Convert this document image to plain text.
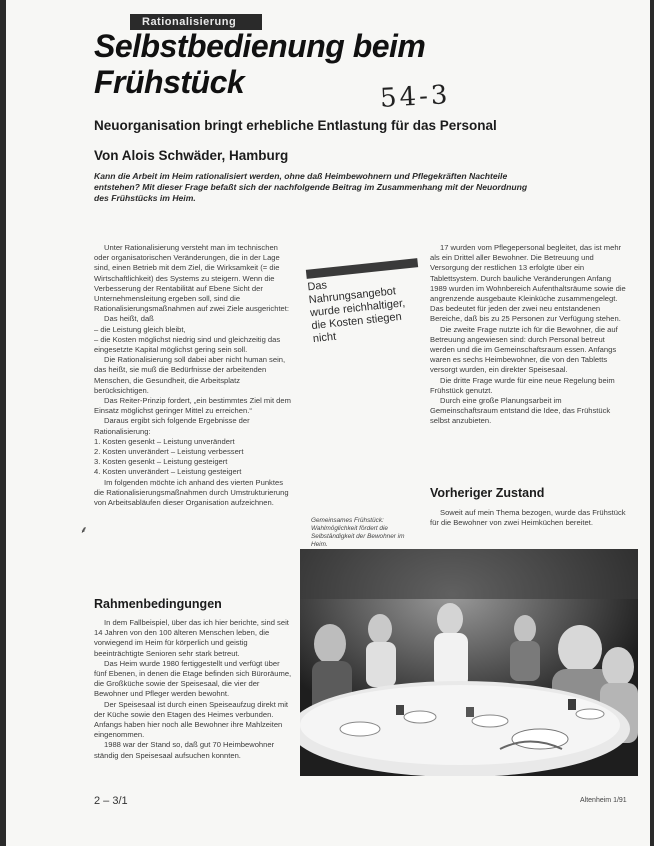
Rationalisierung
Selbstbedienung beim
Frühstück	54-3
Neuorganisation bringt erhebliche Entlastung für das Personal
Von Alois Schwäder, Hamburg

Kann die Arbeit im Heim rationalisiert werden, ohne daß Heimbewohnern und Pflegekräften Nachteile entstehen? Mit dieser Frage befaßt sich der nachfolgende Beitrag im Zusammenhang mit der Neuordnung des Frühstücks im Heim.

Unter Rationalisierung versteht man im technischen oder organisatorischen Veränderungen, die in der Lage sind, einen Betrieb mit dem Ziel, die Wirksamkeit (= die Wirtschaftlichkeit) des Systems zu steigern. Wenn die Verbesserung der Rentabilität auf Ebene Sicht der Unternehmensleitung ergeben soll, sind die Rationalisierungsmaßnahmen auf zwei Ziele ausgerichtet:

Das heißt, daß

– die Leistung gleich bleibt,

– die Kosten möglichst niedrig sind und gleichzeitig das eingesetzte Kapital möglichst gering sein soll.

Die Rationalisierung soll dabei aber nicht human sein, das heißt, sie muß die Bedürfnisse der arbeitenden Menschen, die Gesundheit, die Arbeitsplatz berücksichtigen.

Das Reiter-Prinzip fordert, „ein bestimmtes Ziel mit dem Einsatz möglichst geringer Mittel zu erreichen.“

Daraus ergibt sich folgende Ergebnisse der Rationalisierung:

1. Kosten gesenkt – Leistung unverändert

2. Kosten unverändert – Leistung verbessert

3. Kosten gesenkt – Leistung gesteigert

4. Kosten unverändert – Leistung gesteigert

Im folgenden möchte ich anhand des vierten Punktes die Rationalisierungsmaßnahmen durch Umstrukturierung von Arbeitsabläufen dieser Organisation aufzeichnen.

Rahmenbedingungen

In dem Fallbeispiel, über das ich hier berichte, sind seit 14 Jahren von den 100 älteren Menschen leben, die vorwiegend im Heim für körperlich und geistig beeinträchtigte Senioren sehr stark betreut.

Das Heim wurde 1980 fertiggestellt und verfügt über fünf Ebenen, in denen die Etage befinden sich Büroräume, die Großküche sowie der Speisesaal, die vier der Bewohner und Pfleger werden bewohnt.

Der Speisesaal ist durch einen Speiseaufzug direkt mit der Küche sowie den Etagen des Heimes verbunden. Anfangs haben hier noch alle Bewohner ihre Mahlzeiten eingenommen.

1988 war der Stand so, daß gut 70 Heimbewohner ständig den Speisesaal aufsuchen konnten.

Das Nahrungsangebot wurde reichhaltiger, die Kosten stiegen nicht

17 wurden vom Pflegepersonal begleitet, das ist mehr als ein Drittel aller Bewohner. Die Betreuung und Versorgung der restlichen 13 erfolgte über ein Tablettsystem. Durch bauliche Veränderungen Anfang 1989 wurden im Wohnbereich Aufenthaltsräume sowie die angrenzende ausgebaute Kleinküche zusammengelegt. Das bedeutet für jeden der zwei neu entstandenen Bereiche, daß bis zu 25 Personen zur Verfügung stehen.

Die zweite Frage nutzte ich für die Bewohner, die auf Betreuung angewiesen sind: durch Personal betreut werden und die im Gemeinschaftsraum essen. Anfangs waren es sechs Heimbewohner, die von den Tabletts versorgt wurden, ein direkter Speisesaal.

Die dritte Frage wurde für eine neue Regelung beim Frühstück genutzt.

Durch eine große Planungsarbeit im Gemeinschaftsraum entstand die Idee, das Frühstück selbst anzubieten.

Vorheriger Zustand

Soweit auf mein Thema bezogen, wurde das Frühstück für die Bewohner von zwei Heimküchen bereitet.

Gemeinsames Frühstück: Wahlmöglichkeit fördert die Selbständigkeit der Bewohner im Heim.
⸙
2 – 3/1	Altenheim 1/91
